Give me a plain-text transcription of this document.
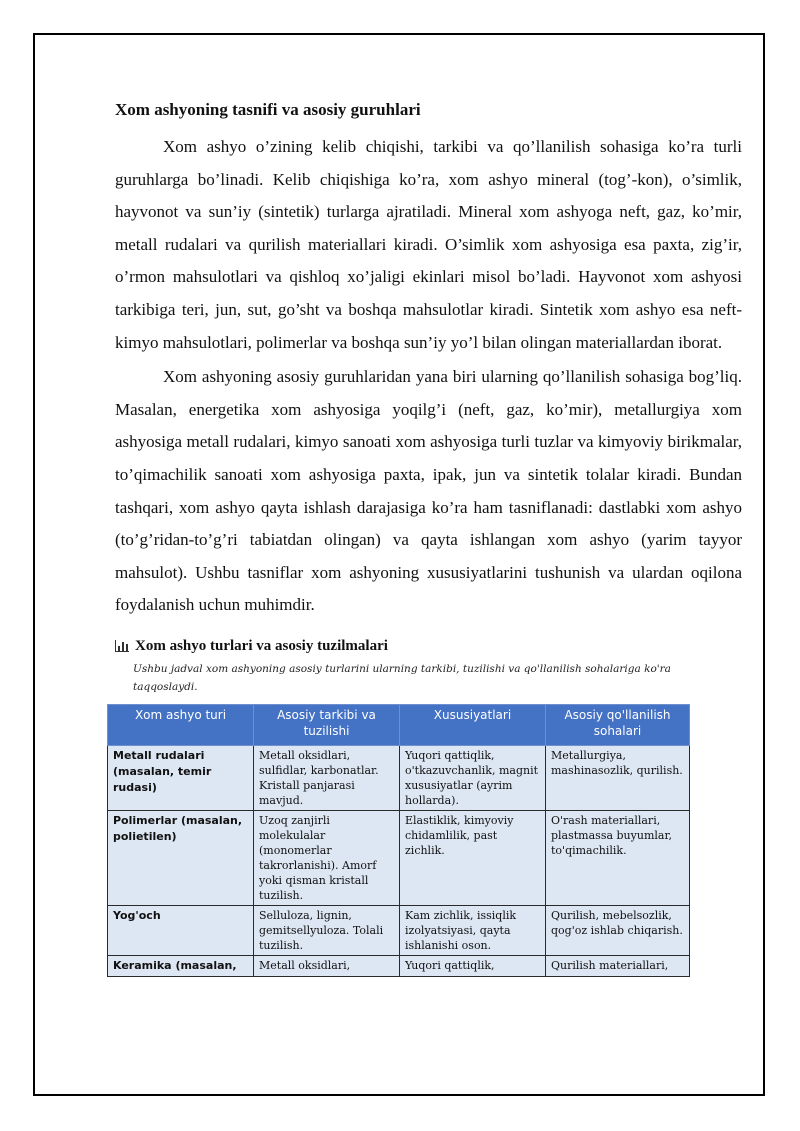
Xom ashyoning tasnifi va asosiy guruhlari

Xom ashyo o’zining kelib chiqishi, tarkibi va qo’llanilish sohasiga ko’ra turli guruhlarga bo’linadi. Kelib chiqishiga ko’ra, xom ashyo mineral (tog’-kon), o’simlik, hayvonot va sun’iy (sintetik) turlarga ajratiladi. Mineral xom ashyoga neft, gaz, ko’mir, metall rudalari va qurilish materiallari kiradi. O’simlik xom ashyosiga esa paxta, zig’ir, o’rmon mahsulotlari va qishloq xo’jaligi ekinlari misol bo’ladi. Hayvonot xom ashyosi tarkibiga teri, jun, sut, go’sht va boshqa mahsulotlar kiradi. Sintetik xom ashyo esa neft-kimyo mahsulotlari, polimerlar va boshqa sun’iy yo’l bilan olingan materiallardan iborat.

Xom ashyoning asosiy guruhlaridan yana biri ularning qo’llanilish sohasiga bog’liq. Masalan, energetika xom ashyosiga yoqilg’i (neft, gaz, ko’mir), metallurgiya xom ashyosiga metall rudalari, kimyo sanoati xom ashyosiga turli tuzlar va kimyoviy birikmalar, to’qimachilik sanoati xom ashyosiga paxta, ipak, jun va sintetik tolalar kiradi. Bundan tashqari, xom ashyo qayta ishlash darajasiga ko’ra ham tasniflanadi: dastlabki xom ashyo (to’g’ridan-to’g’ri tabiatdan olingan) va qayta ishlangan xom ashyo (yarim tayyor mahsulot). Ushbu tasniflar xom ashyoning xususiyatlarini tushunish va ulardan oqilona foydalanish uchun muhimdir.

Xom ashyo turlari va asosiy tuzilmalari
Ushbu jadval xom ashyoning asosiy turlarini ularning tarkibi, tuzilishi va qo'llanilish sohalariga ko'ra taqqoslaydi.
Xom ashyo turi	Asosiy tarkibi va tuzilishi	Xususiyatlari	Asosiy qo'llanilish sohalari
Metall rudalari (masalan, temir rudasi)	Metall oksidlari, sulfidlar, karbonatlar. Kristall panjarasi mavjud.	Yuqori qattiqlik, o'tkazuvchanlik, magnit xususiyatlar (ayrim hollarda).	Metallurgiya, mashinasozlik, qurilish.
Polimerlar (masalan, polietilen)	Uzoq zanjirli molekulalar (monomerlar takrorlanishi). Amorf yoki qisman kristall tuzilish.	Elastiklik, kimyoviy chidamlilik, past zichlik.	O'rash materiallari, plastmassa buyumlar, to'qimachilik.
Yog'och	Selluloza, lignin, gemitsellyuloza. Tolali tuzilish.	Kam zichlik, issiqlik izolyatsiyasi, qayta ishlanishi oson.	Qurilish, mebelsozlik, qog'oz ishlab chiqarish.
Keramika (masalan,	Metall oksidlari,	Yuqori qattiqlik,	Qurilish materiallari,
